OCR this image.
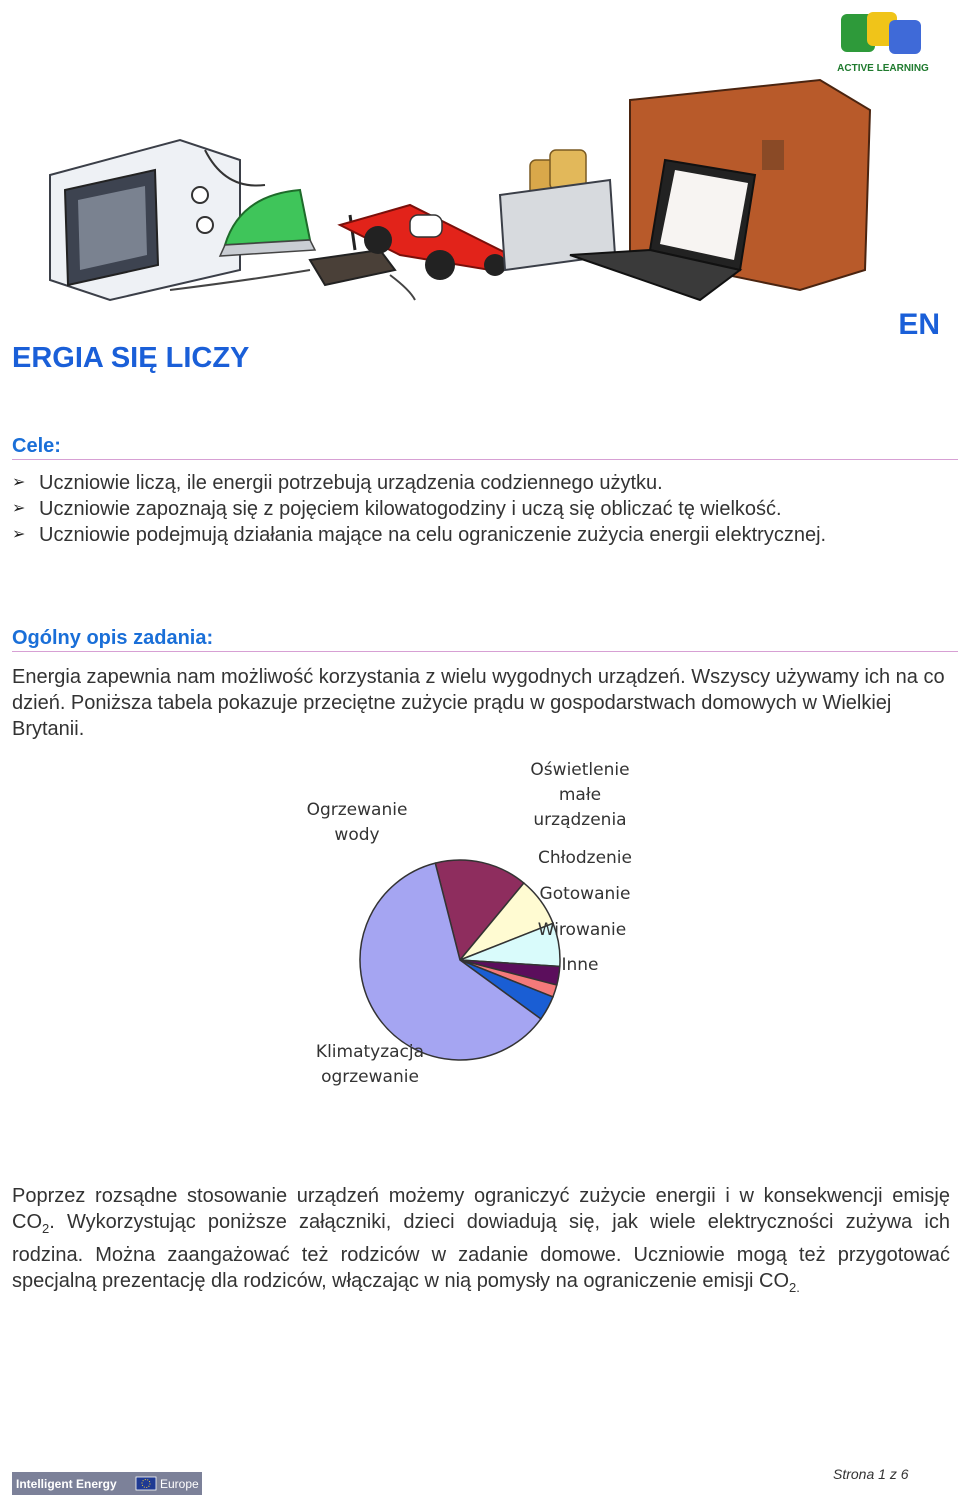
ACTIVE LEARNING
EN
ERGIA SIĘ LICZY
Cele:
➢ Uczniowie liczą, ile energii potrzebują urządzenia codziennego użytku.
➢ Uczniowie zapoznają się z pojęciem kilowatogodziny i uczą się obliczać tę wielkość.
➢ Uczniowie podejmują działania mające na celu ograniczenie zużycia energii elektrycznej.
Ogólny opis zadania:

Energia zapewnia nam możliwość korzystania z wielu wygodnych urządzeń. Wszyscy używamy ich na co dzień. Poniższa tabela pokazuje przeciętne zużycie prądu w gospodarstwach domowych w Wielkiej Brytanii.

Ogrzewanie wody
Oświetlenie małe urządzenia
Chłodzenie
Gotowanie
Wirowanie
Inne
Klimatyzacja ogrzewanie

Poprzez rozsądne stosowanie urządzeń możemy ograniczyć zużycie energii i w konsekwencji emisję $CO_2$. Wykorzystując poniższe załączniki, dzieci dowiadują się, jak wiele elektryczności zużywa ich rodzina. Można zaangażować też rodziców w zadanie domowe. Uczniowie mogą też przygotować specjalną prezentację dla rodziców, włączając w nią pomysły na ograniczenie emisji $CO_{2.}$

Intelligent Energy	Europe
Strona 1 z 6
